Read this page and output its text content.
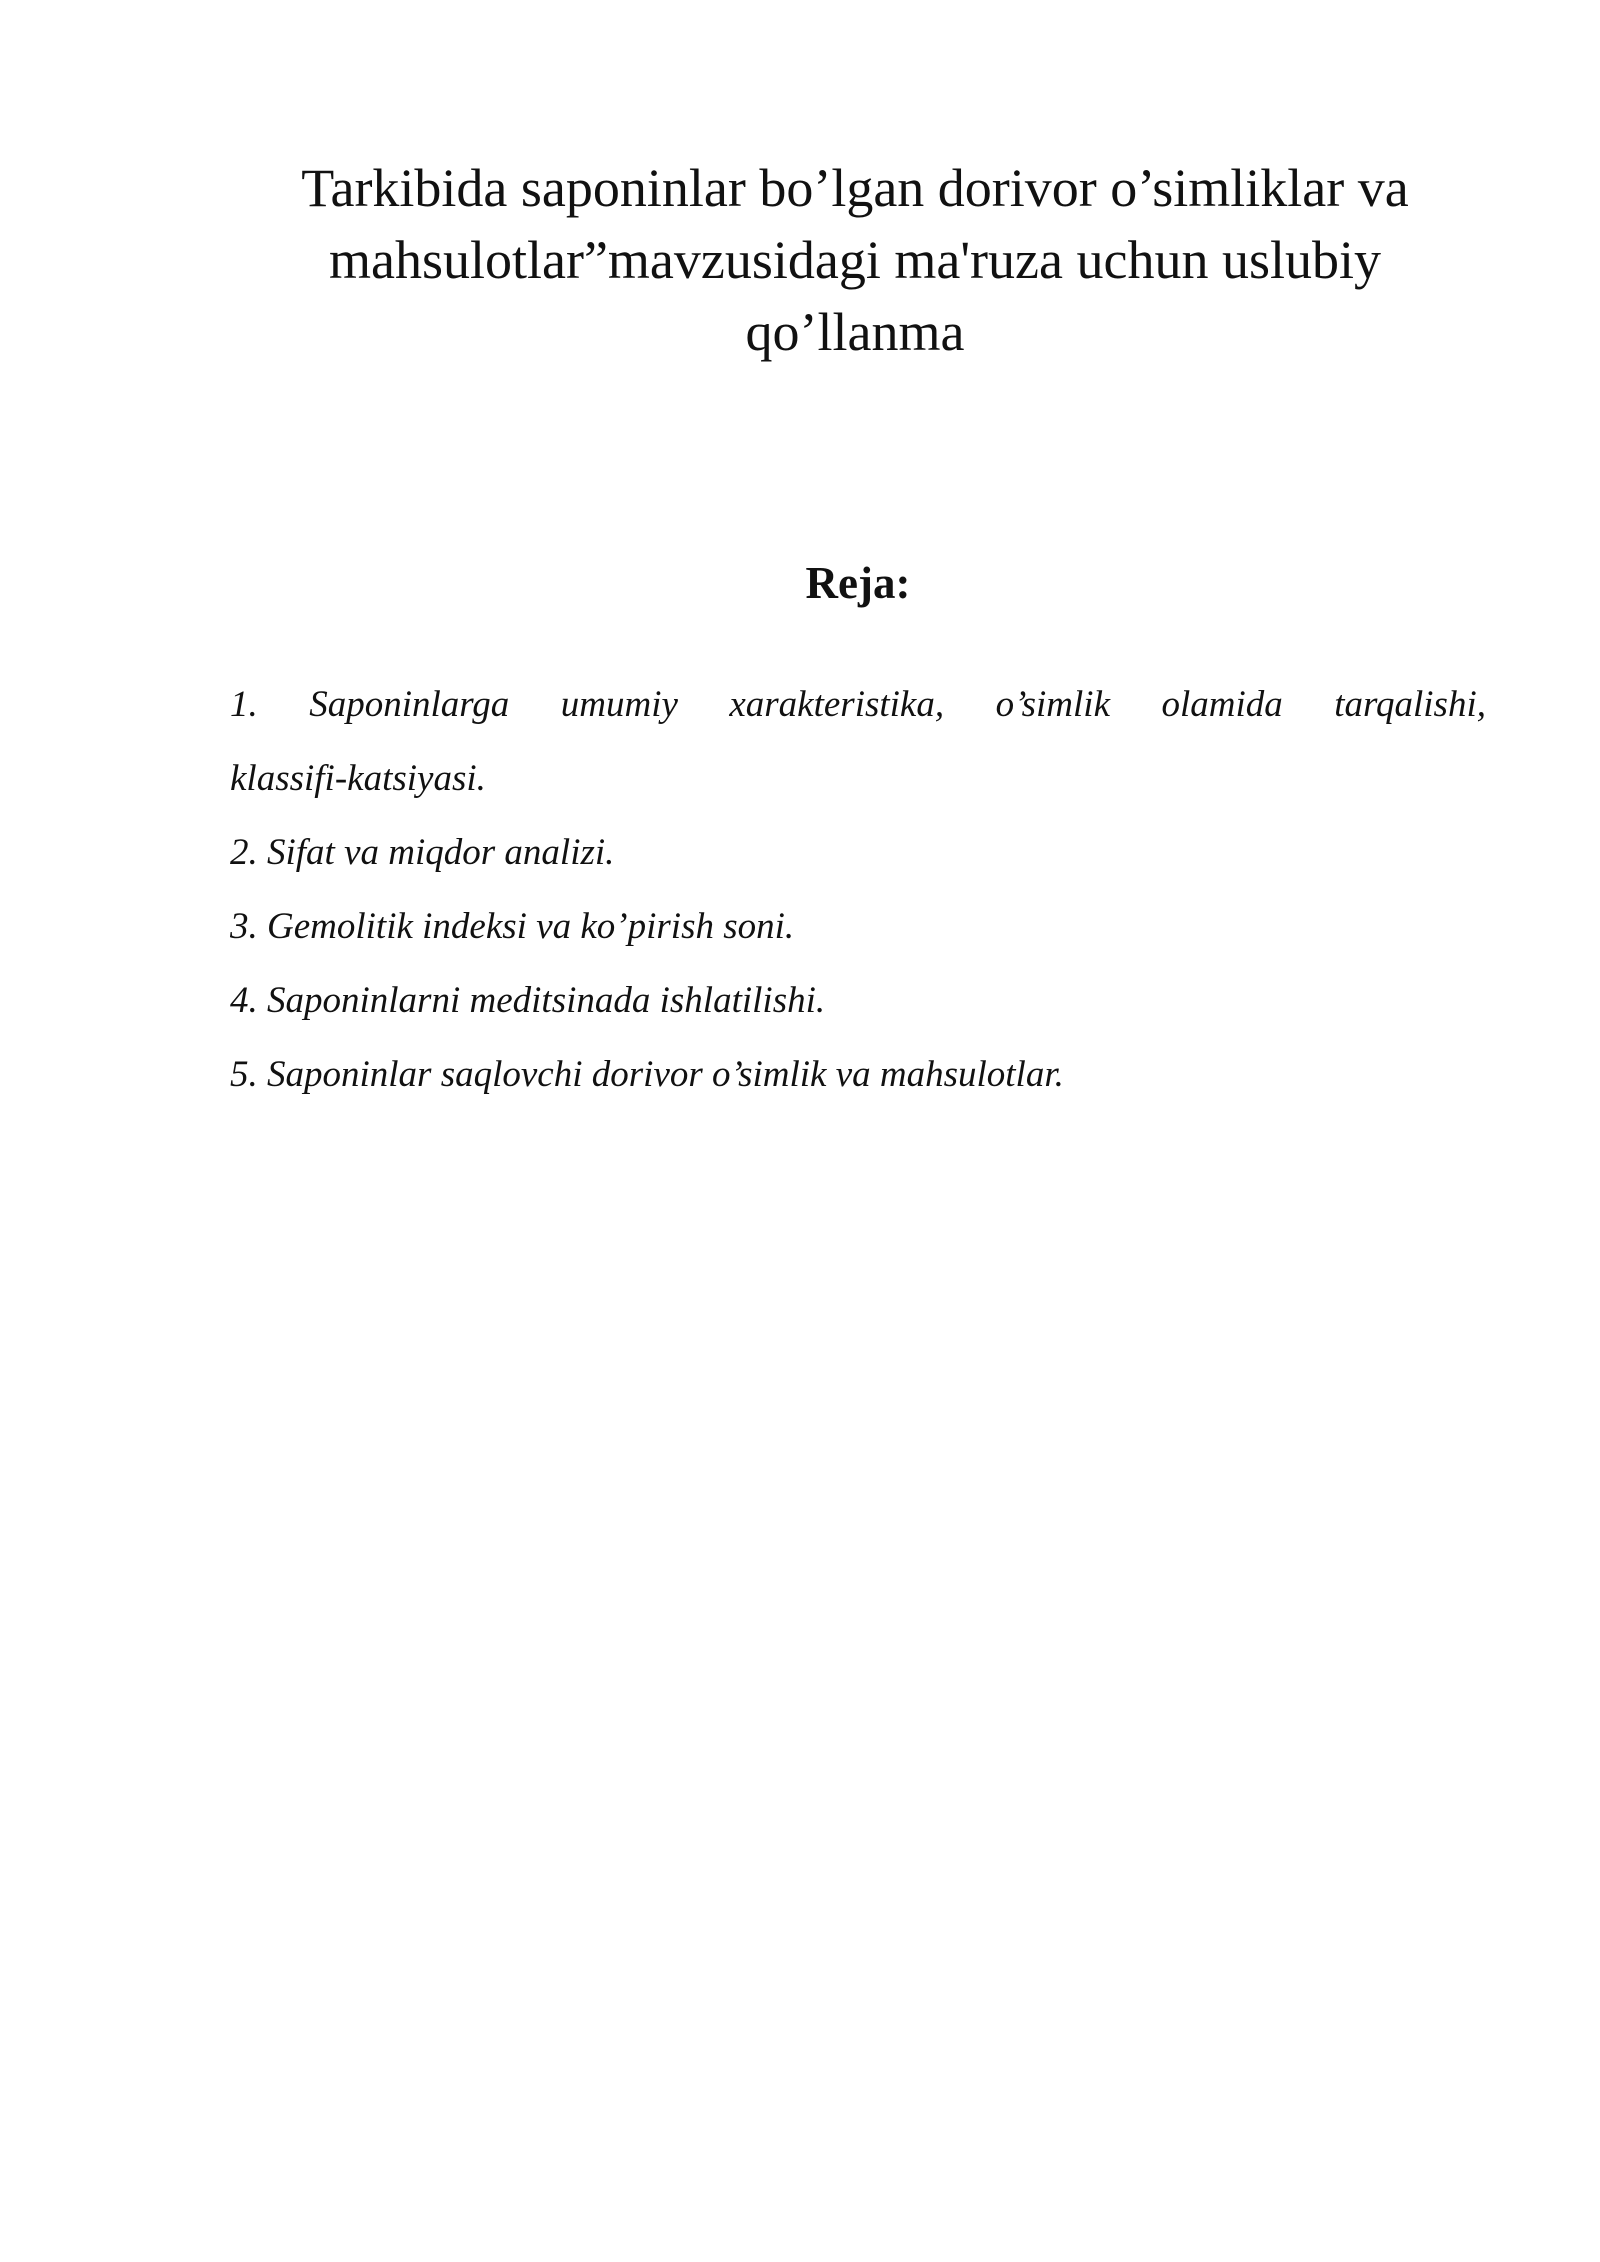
Tarkibida saponinlar bo’lgan dorivor o’simliklar va
mahsulotlar”mavzusidagi ma'ruza uchun uslubiy
qo’llanma
Reja:
1. Saponinlarga umumiy xarakteristika, o’simlik olamida tarqalishi,
klassifi-katsiyasi.
2. Sifat va miqdor analizi.
3. Gemolitik indeksi va ko’pirish soni.
4. Saponinlarni meditsinada ishlatilishi.
5. Saponinlar saqlovchi dorivor o’simlik va mahsulotlar.
